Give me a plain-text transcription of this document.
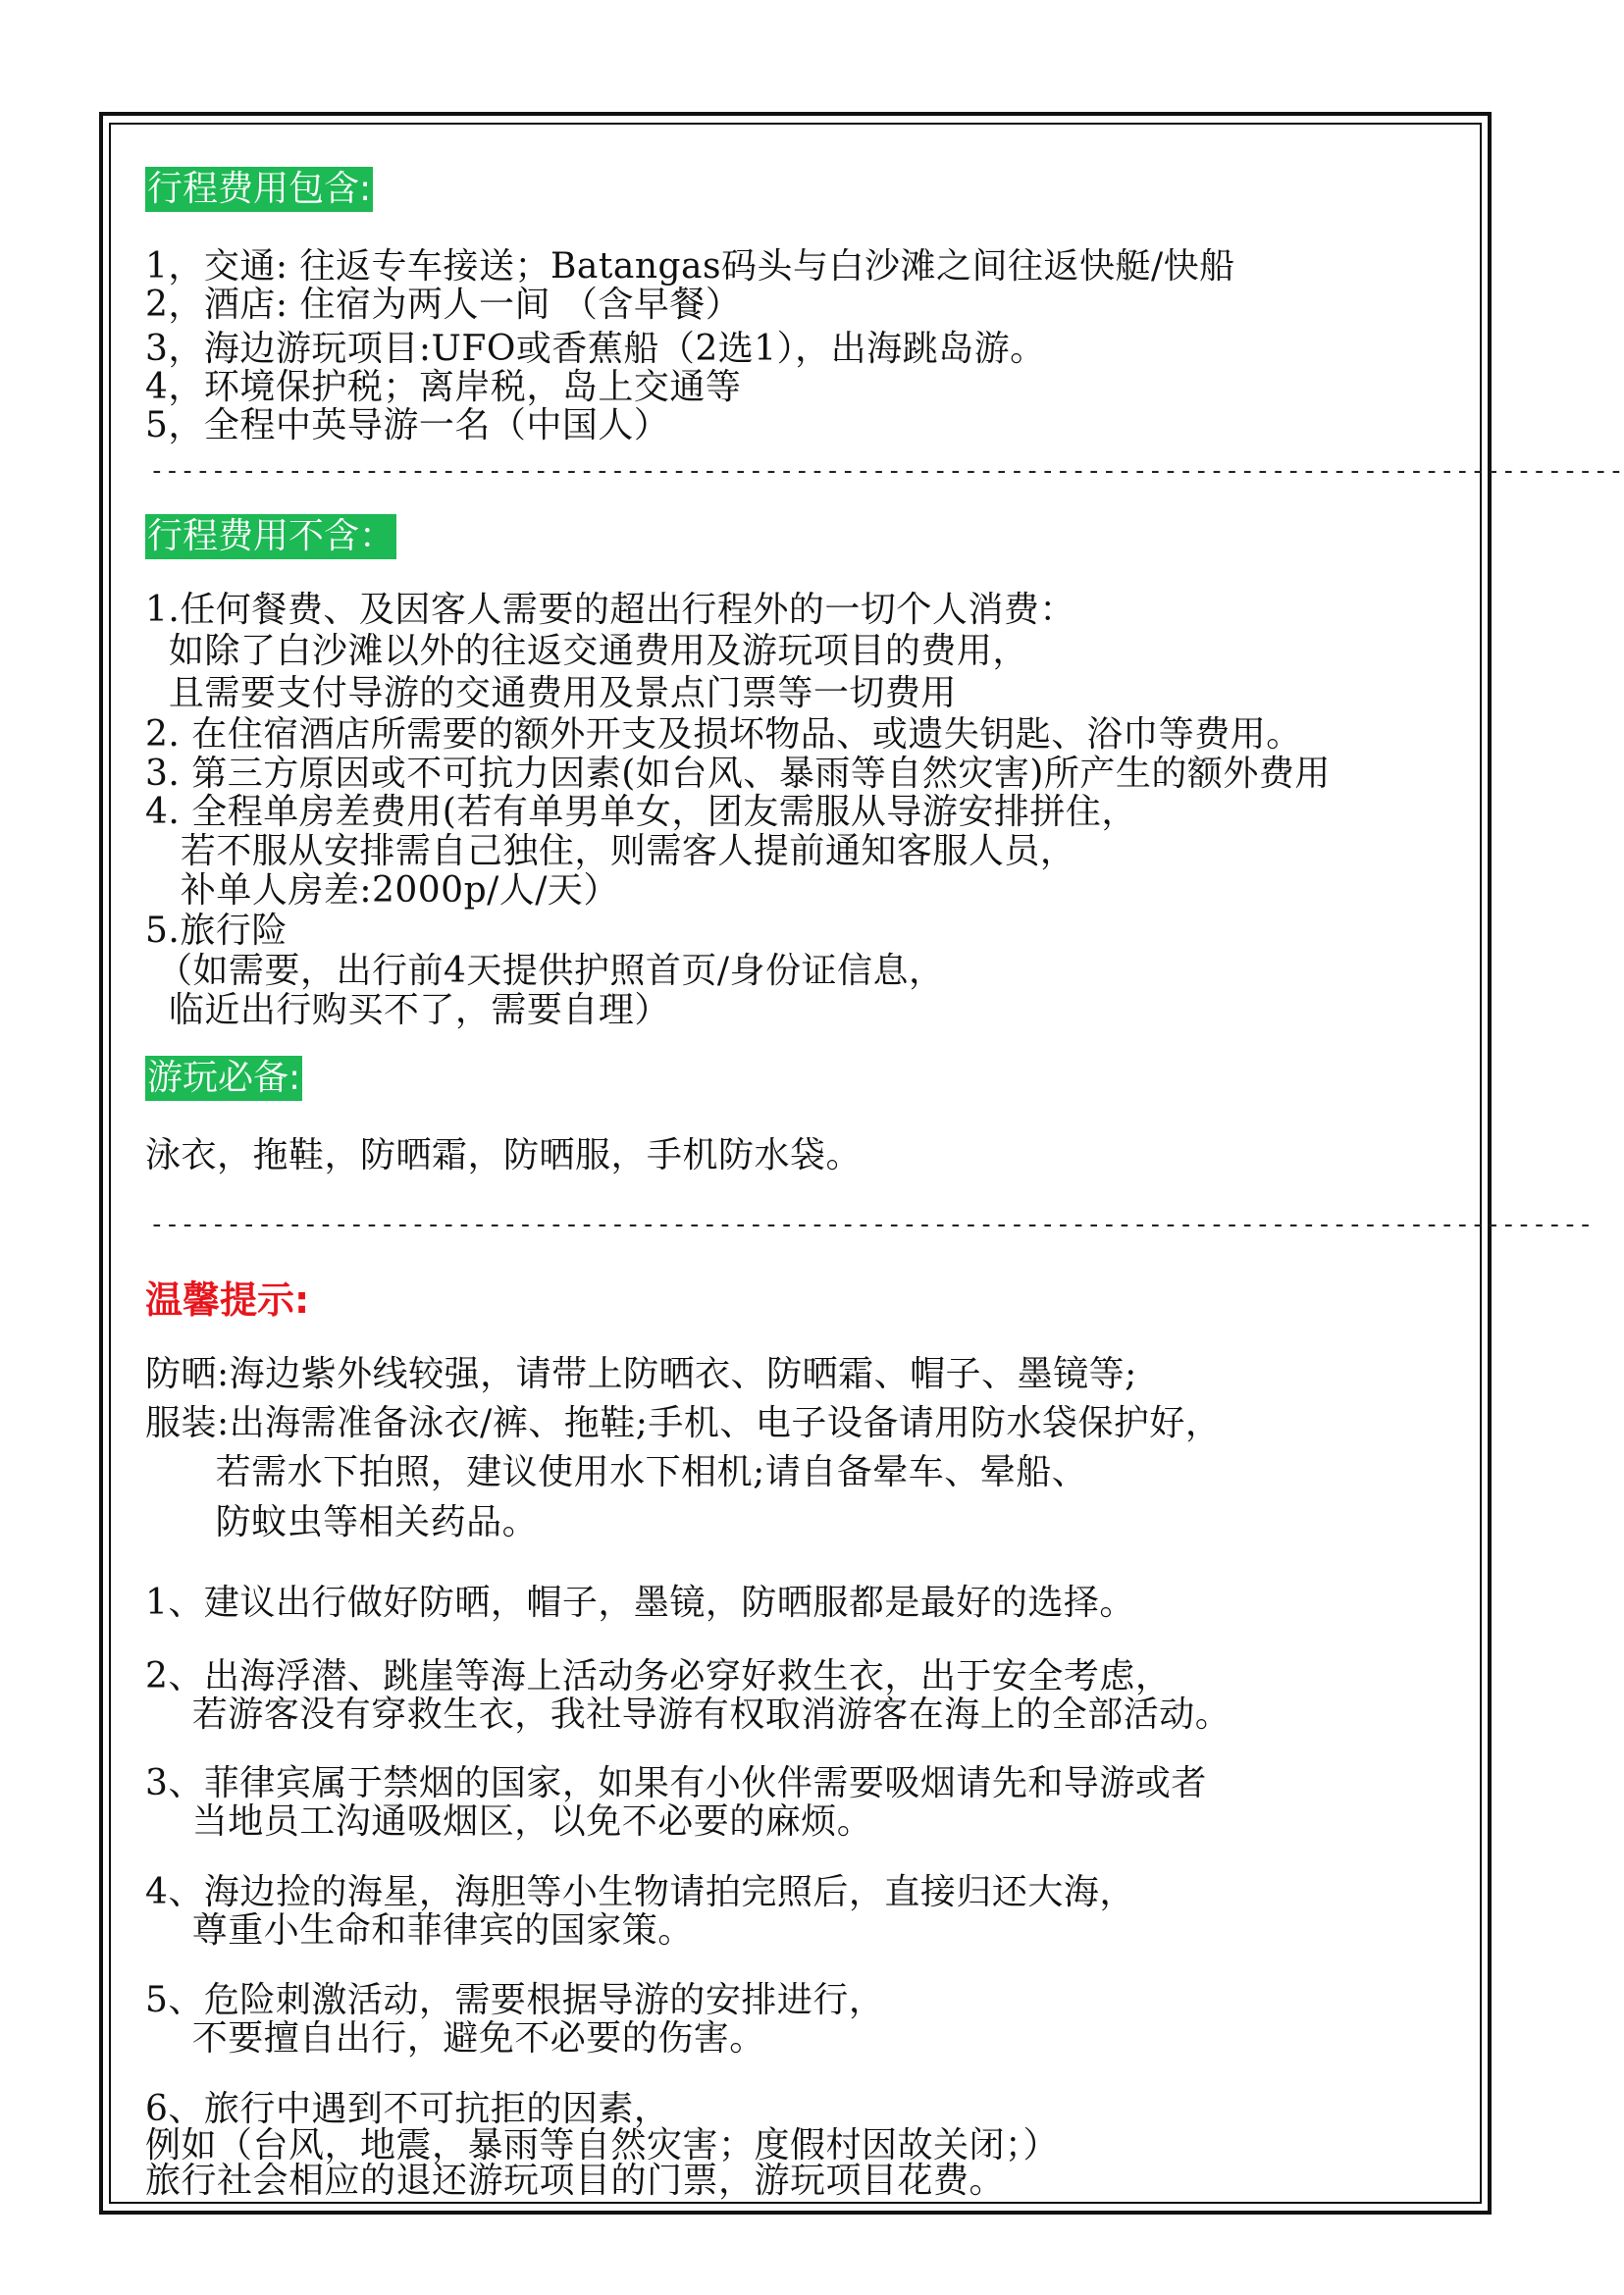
行程费用包含:
1，交通: 往返专车接送；Batangas码头与白沙滩之间往返快艇/快船
2，酒店: 住宿为两人一间 （含早餐）
3，海边游玩项目:UFO或香蕉船（2选1），出海跳岛游。
4，环境保护税；离岸税，岛上交通等
5，全程中英导游一名（中国人）
------------------------------------------------------------------------------------------------
行程费用不含：
1.任何餐费、及因客人需要的超出行程外的一切个人消费：
如除了白沙滩以外的往返交通费用及游玩项目的费用，
且需要支付导游的交通费用及景点门票等一切费用
2. 在住宿酒店所需要的额外开支及损坏物品、或遗失钥匙、浴巾等费用。
3. 第三方原因或不可抗力因素(如台风、暴雨等自然灾害)所产生的额外费用
4. 全程单房差费用(若有单男单女，团友需服从导游安排拼住，
若不服从安排需自己独住，则需客人提前通知客服人员，
补单人房差:2000p/人/天）
5.旅行险
（如需要，出行前4天提供护照首页/身份证信息，
临近出行购买不了，需要自理）
游玩必备:
泳衣，拖鞋，防晒霜，防晒服，手机防水袋。
----------------------------------------------------------------------------------------------
温馨提示:
防晒:海边紫外线较强，请带上防晒衣、防晒霜、帽子、墨镜等;
服装:出海需准备泳衣/裤、拖鞋;手机、电子设备请用防水袋保护好，
若需水下拍照，建议使用水下相机;请自备晕车、晕船、
防蚊虫等相关药品。
1、建议出行做好防晒，帽子，墨镜，防晒服都是最好的选择。
2、出海浮潜、跳崖等海上活动务必穿好救生衣，出于安全考虑，
若游客没有穿救生衣，我社导游有权取消游客在海上的全部活动。
3、菲律宾属于禁烟的国家，如果有小伙伴需要吸烟请先和导游或者
当地员工沟通吸烟区，以免不必要的麻烦。
4、海边捡的海星，海胆等小生物请拍完照后，直接归还大海，
尊重小生命和菲律宾的国家策。
5、危险刺激活动，需要根据导游的安排进行，
不要擅自出行，避免不必要的伤害。
6、旅行中遇到不可抗拒的因素，
例如（台风，地震，暴雨等自然灾害；度假村因故关闭；）
旅行社会相应的退还游玩项目的门票，游玩项目花费。
